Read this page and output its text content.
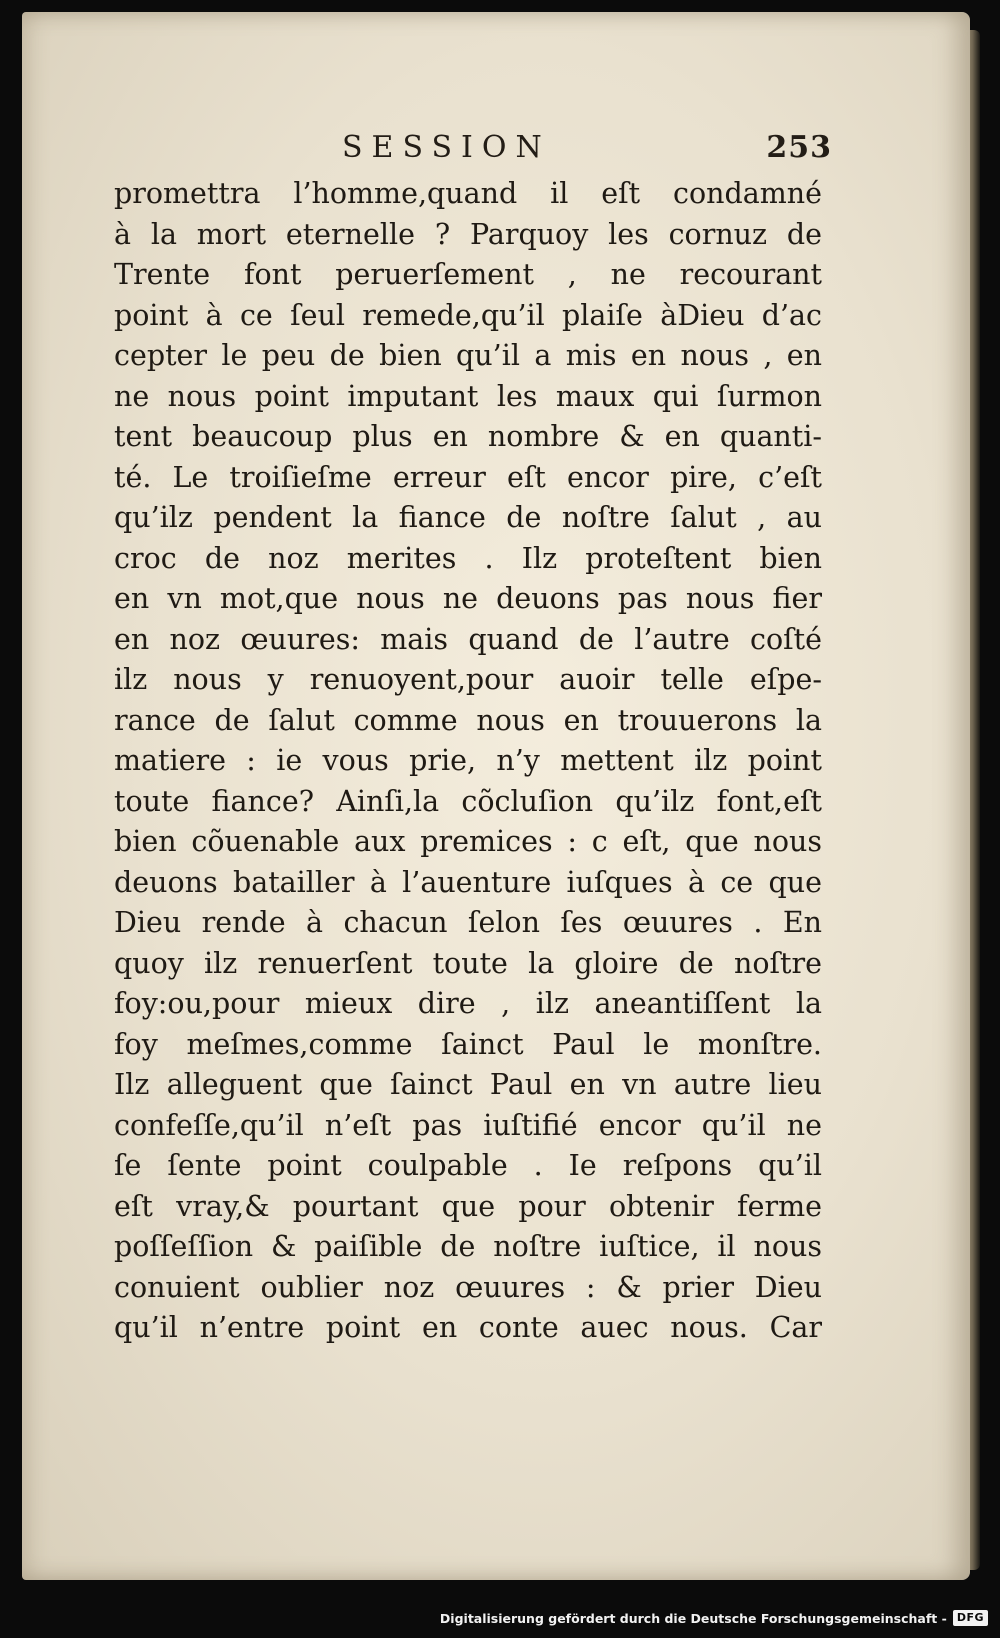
SESSION	253
promettra l’homme,quand il eſt condamné
à la mort eternelle ? Parquoy les cornuz de
Trente font peruerſement , ne recourant
point à ce ſeul remede,qu’il plaiſe àDieu d’ac
cepter le peu de bien qu’il a mis en nous , en
ne nous point imputant les maux qui ſurmon
tent beaucoup plus en nombre & en quanti-
té. Le troiſieſme erreur eſt encor pire, c’eſt
qu’ilz pendent la fiance de noſtre ſalut , au
croc de noz merites . Ilz proteſtent bien
en vn mot,que nous ne deuons pas nous fier
en noz œuures: mais quand de l’autre coſté
ilz nous y renuoyent,pour auoir telle eſpe-
rance de ſalut comme nous en trouuerons la
matiere : ie vous prie, n’y mettent ilz point
toute fiance? Ainſi,la cõcluſion qu’ilz font,eſt
bien cõuenable aux premices : c eſt, que nous
deuons batailler à l’auenture iuſques à ce que
Dieu rende à chacun ſelon ſes œuures . En
quoy ilz renuerſent toute la gloire de noſtre
foy:ou,pour mieux dire , ilz aneantiſſent la
foy meſmes,comme ſainct Paul le monſtre.
Ilz alleguent que ſainct Paul en vn autre lieu
confeſſe,qu’il n’eſt pas iuſtifié encor qu’il ne
ſe ſente point coulpable . Ie reſpons qu’il
eſt vray,& pourtant que pour obtenir ferme
poſſeſſion & paiſible de noſtre iuſtice, il nous
conuient oublier noz œuures : & prier Dieu
qu’il n’entre point en conte auec nous. Car
Digitalisierung gefördert durch die Deutsche Forschungsgemeinschaft - DFG
